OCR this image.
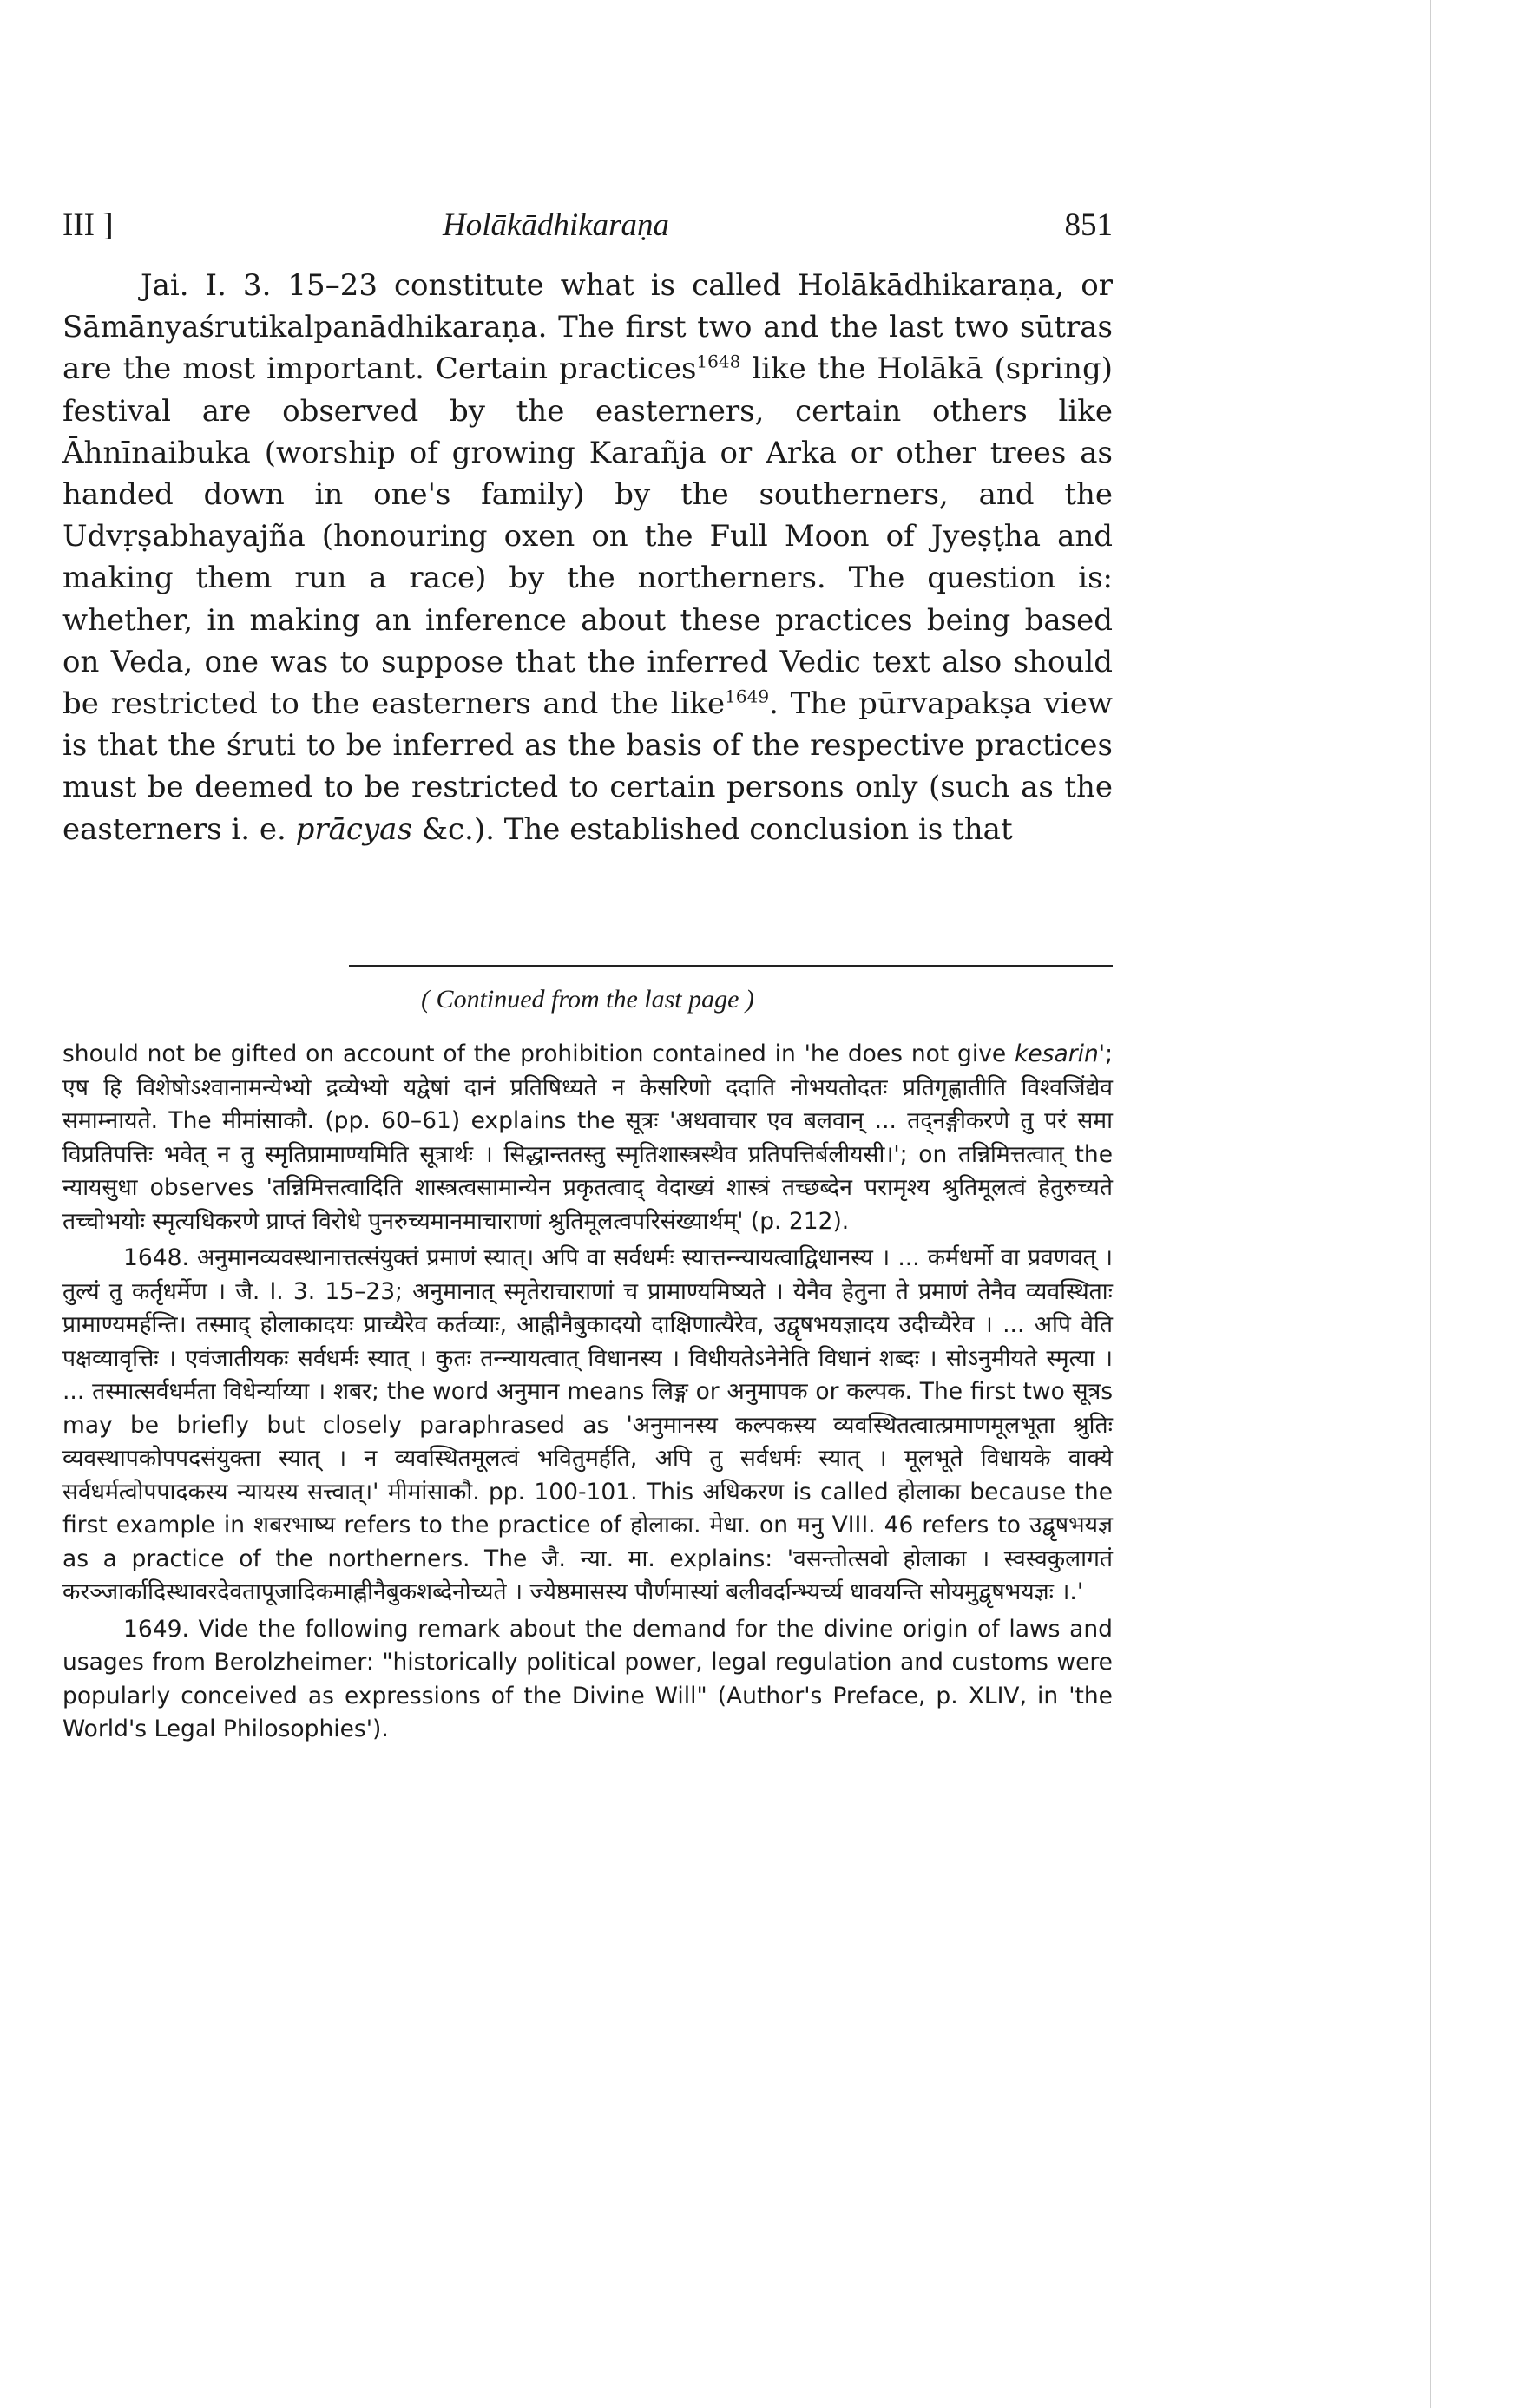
III ]	Holākādhikaraṇa	851

Jai. I. 3. 15–23 constitute what is called Holākādhikaraṇa, or Sāmānyaśrutikalpanādhikaraṇa. The first two and the last two sūtras are the most important. Certain practices$^{1648}$ like the Holākā (spring) festival are observed by the easterners, certain others like Āhnīnaibuka (worship of growing Karañja or Arka or other trees as handed down in one's family) by the southerners, and the Udvṛṣabhayajña (honouring oxen on the Full Moon of Jyeṣṭha and making them run a race) by the northerners. The question is: whether, in making an inference about these practices being based on Veda, one was to suppose that the inferred Vedic text also should be restricted to the easterners and the like$^{1649}$. The pūrvapakṣa view is that the śruti to be inferred as the basis of the respective practices must be deemed to be restricted to certain persons only (such as the easterners i. e. prācyas &c.). The established conclusion is that

( Continued from the last page )

should not be gifted on account of the prohibition contained in 'he does not give kesarin'; एष हि विशेषोऽश्वानामन्येभ्यो द्रव्येभ्यो यद्वेषां दानं प्रतिषिध्यते न केसरिणो ददाति नोभयतोदतः प्रतिगृह्णातीति विश्वजिंद्येव समाम्नायते. The मीमांसाकौ. (pp. 60–61) explains the सूत्रः 'अथवाचार एव बलवान् ... तद्नङ्गीकरणे तु परं समा विप्रतिपत्तिः भवेत् न तु स्मृतिप्रामाण्यमिति सूत्रार्थः । सिद्धान्ततस्तु स्मृतिशास्त्रस्थैव प्रतिपत्तिर्बलीयसी।'; on तन्निमित्तत्वात् the न्यायसुधा observes 'तन्निमित्तत्वादिति शास्त्रत्वसामान्येन प्रकृतत्वाद् वेदाख्यं शास्त्रं तच्छब्देन परामृश्य श्रुतिमूलत्वं हेतुरुच्यते तच्चोभयोः स्मृत्यधिकरणे प्राप्तं विरोधे पुनरुच्यमानमाचाराणां श्रुतिमूलत्वपरिसंख्यार्थम्' (p. 212).

1648. अनुमानव्यवस्थानात्तत्संयुक्तं प्रमाणं स्यात्। अपि वा सर्वधर्मः स्यात्तन्न्यायत्वाद्विधानस्य । ... कर्मधर्मो वा प्रवणवत् । तुल्यं तु कर्तृधर्मेण । जै. I. 3. 15–23; अनुमानात् स्मृतेराचाराणां च प्रामाण्यमिष्यते । येनैव हेतुना ते प्रमाणं तेनैव व्यवस्थिताः प्रामाण्यमर्हन्ति। तस्माद् होलाकादयः प्राच्यैरेव कर्तव्याः, आह्नीनैबुकादयो दाक्षिणात्यैरेव, उद्वृषभयज्ञादय उदीच्यैरेव । ... अपि वेति पक्षव्यावृत्तिः । एवंजातीयकः सर्वधर्मः स्यात् । कुतः तन्न्यायत्वात् विधानस्य । विधीयतेऽनेनेति विधानं शब्दः । सोऽनुमीयते स्मृत्या । ... तस्मात्सर्वधर्मता विधेर्न्याय्या । शबर; the word अनुमान means लिङ्ग or अनुमापक or कल्पक. The first two सूत्रs may be briefly but closely paraphrased as 'अनुमानस्य कल्पकस्य व्यवस्थितत्वात्प्रमाणमूलभूता श्रुतिः व्यवस्थापकोपपदसंयुक्ता स्यात् । न व्यवस्थितमूलत्वं भवितुमर्हति, अपि तु सर्वधर्मः स्यात् । मूलभूते विधायके वाक्ये सर्वधर्मत्वोपपादकस्य न्यायस्य सत्त्वात्।' मीमांसाकौ. pp. 100-101. This अधिकरण is called होलाका because the first example in शबरभाष्य refers to the practice of होलाका. मेधा. on मनु VIII. 46 refers to उद्वृषभयज्ञ as a practice of the northerners. The जै. न्या. मा. explains: 'वसन्तोत्सवो होलाका । स्वस्वकुलागतं करञ्जार्कादिस्थावरदेवतापूजादिकमाह्नीनैबुकशब्देनोच्यते । ज्येष्ठमासस्य पौर्णमास्यां बलीवर्दान्भ्यर्च्य धावयन्ति सोयमुद्वृषभयज्ञः ।.'

1649. Vide the following remark about the demand for the divine origin of laws and usages from Berolzheimer: "historically political power, legal regulation and customs were popularly conceived as expressions of the Divine Will" (Author's Preface, p. XLIV, in 'the World's Legal Philosophies').
